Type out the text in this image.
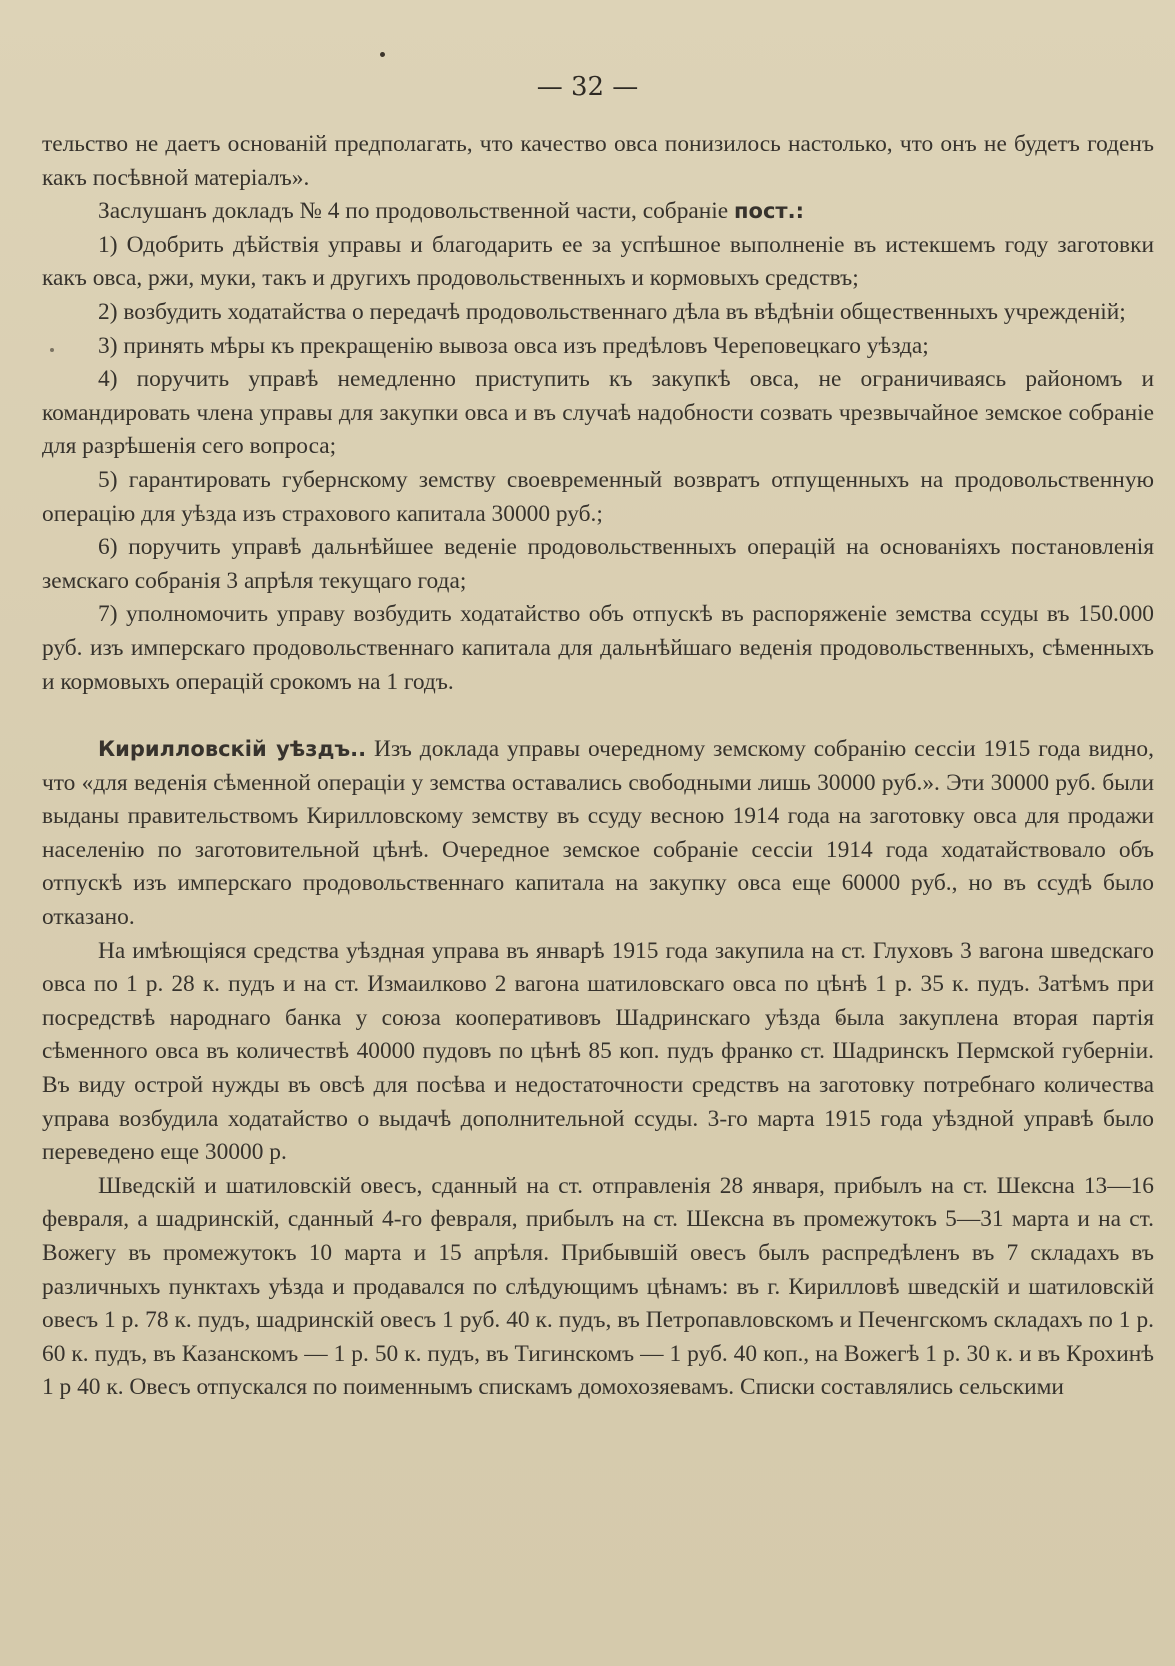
— 32 —

тельство не даетъ основаній предполагать, что качество овса понизилось настолько, что онъ не будетъ годенъ какъ посѣвной матеріалъ».

Заслушанъ докладъ № 4 по продовольственной части, собраніе пост.:

1) Одобрить дѣйствія управы и благодарить ее за успѣшное выполненіе въ истекшемъ году заготовки какъ овса, ржи, муки, такъ и другихъ продовольственныхъ и кормовыхъ средствъ;

2) возбудить ходатайства о передачѣ продовольственнаго дѣла въ вѣдѣніи общественныхъ учрежденій;

3) принять мѣры къ прекращенію вывоза овса изъ предѣловъ Череповецкаго уѣзда;

4) поручить управѣ немедленно приступить къ закупкѣ овса, не ограничиваясь райономъ и командировать члена управы для закупки овса и въ случаѣ надобности созвать чрезвычайное земское собраніе для разрѣшенія сего вопроса;

5) гарантировать губернскому земству своевременный возвратъ отпущенныхъ на продовольственную операцію для уѣзда изъ страхового капитала 30000 руб.;

6) поручить управѣ дальнѣйшее веденіе продовольственныхъ операцій на основаніяхъ постановленія земскаго собранія 3 апрѣля текущаго года;

7) уполномочить управу возбудить ходатайство объ отпускѣ въ распоряженіе земства ссуды въ 150.000 руб. изъ имперскаго продовольственнаго капитала для дальнѣйшаго веденія продовольственныхъ, сѣменныхъ и кормовыхъ операцій срокомъ на 1 годъ.

Кирилловскій уѣздъ.. Изъ доклада управы очередному земскому собранію сессіи 1915 года видно, что «для веденія сѣменной операціи у земства оставались свободными лишь 30000 руб.». Эти 30000 руб. были выданы правительствомъ Кирилловскому земству въ ссуду весною 1914 года на заготовку овса для продажи населенію по заготовительной цѣнѣ. Очередное земское собраніе сессіи 1914 года ходатайствовало объ отпускѣ изъ имперскаго продовольственнаго капитала на закупку овса еще 60000 руб., но въ ссудѣ было отказано.

На имѣющіяся средства уѣздная управа въ январѣ 1915 года закупила на ст. Глуховъ 3 вагона шведскаго овса по 1 р. 28 к. пудъ и на ст. Измаилково 2 вагона шатиловскаго овса по цѣнѣ 1 р. 35 к. пудъ. Затѣмъ при посредствѣ народнаго банка у союза кооперативовъ Шадринскаго уѣзда была закуплена вторая партія сѣменного овса въ количествѣ 40000 пудовъ по цѣнѣ 85 коп. пудъ франко ст. Шадринскъ Пермской губерніи. Въ виду острой нужды въ овсѣ для посѣва и недостаточности средствъ на заготовку потребнаго количества управа возбудила ходатайство о выдачѣ дополнительной ссуды. 3-го марта 1915 года уѣздной управѣ было переведено еще 30000 р.

Шведскій и шатиловскій овесъ, сданный на ст. отправленія 28 января, прибылъ на ст. Шексна 13—16 февраля, а шадринскій, сданный 4-го февраля, прибылъ на ст. Шексна въ промежутокъ 5—31 марта и на ст. Вожегу въ промежутокъ 10 марта и 15 апрѣля. Прибывшій овесъ былъ распредѣленъ въ 7 складахъ въ различныхъ пунктахъ уѣзда и продавался по слѣдующимъ цѣнамъ: въ г. Кирилловѣ шведскій и шатиловскій овесъ 1 р. 78 к. пудъ, шадринскій овесъ 1 руб. 40 к. пудъ, въ Петропавловскомъ и Печенгскомъ складахъ по 1 р. 60 к. пудъ, въ Казанскомъ — 1 р. 50 к. пудъ, въ Тигинскомъ — 1 руб. 40 коп., на Вожегѣ 1 р. 30 к. и въ Крохинѣ 1 р 40 к. Овесъ отпускался по поименнымъ спискамъ домохозяевамъ. Списки составлялись сельскими
